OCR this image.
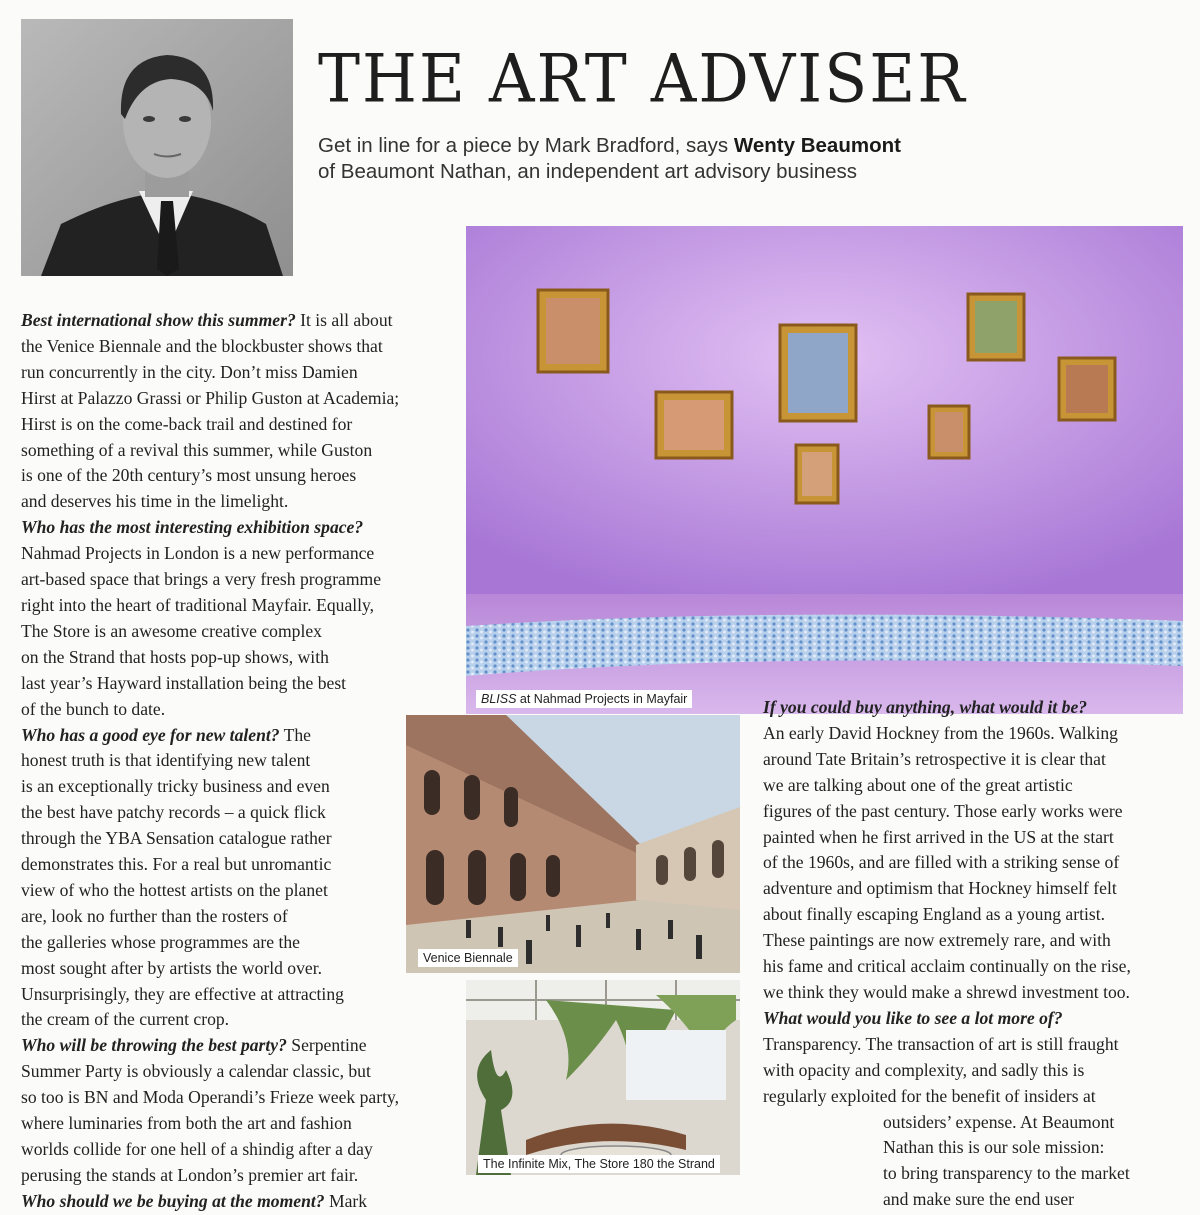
THE ART ADVISER

Get in line for a piece by Mark Bradford, says Wenty Beaumont
of Beaumont Nathan, an independent art advisory business

BLISS at Nahmad Projects in Mayfair
Venice Biennale
The Infinite Mix, The Store 180 the Strand
Best international show this summer? It is all about
the Venice Biennale and the blockbuster shows that
run concurrently in the city. Don’t miss Damien
Hirst at Palazzo Grassi or Philip Guston at Academia;
Hirst is on the come-back trail and destined for
something of a revival this summer, while Guston
is one of the 20th century’s most unsung heroes
and deserves his time in the limelight.
Who has the most interesting exhibition space?
Nahmad Projects in London is a new performance
art-based space that brings a very fresh programme
right into the heart of traditional Mayfair. Equally,
The Store is an awesome creative complex
on the Strand that hosts pop-up shows, with
last year’s Hayward installation being the best
of the bunch to date.
Who has a good eye for new talent? The
honest truth is that identifying new talent
is an exceptionally tricky business and even
the best have patchy records – a quick flick
through the YBA Sensation catalogue rather
demonstrates this. For a real but unromantic
view of who the hottest artists on the planet
are, look no further than the rosters of
the galleries whose programmes are the
most sought after by artists the world over.
Unsurprisingly, they are effective at attracting
the cream of the current crop.
Who will be throwing the best party? Serpentine
Summer Party is obviously a calendar classic, but
so too is BN and Moda Operandi’s Frieze week party,
where luminaries from both the art and fashion
worlds collide for one hell of a shindig after a day
perusing the stands at London’s premier art fair.
Who should we be buying at the moment? Mark
If you could buy anything, what would it be?
An early David Hockney from the 1960s. Walking
around Tate Britain’s retrospective it is clear that
we are talking about one of the great artistic
figures of the past century. Those early works were
painted when he first arrived in the US at the start
of the 1960s, and are filled with a striking sense of
adventure and optimism that Hockney himself felt
about finally escaping England as a young artist.
These paintings are now extremely rare, and with
his fame and critical acclaim continually on the rise,
we think they would make a shrewd investment too.
What would you like to see a lot more of?
Transparency. The transaction of art is still fraught
with opacity and complexity, and sadly this is
regularly exploited for the benefit of insiders at
outsiders’ expense. At Beaumont
Nathan this is our sole mission:
to bring transparency to the market
and make sure the end user
